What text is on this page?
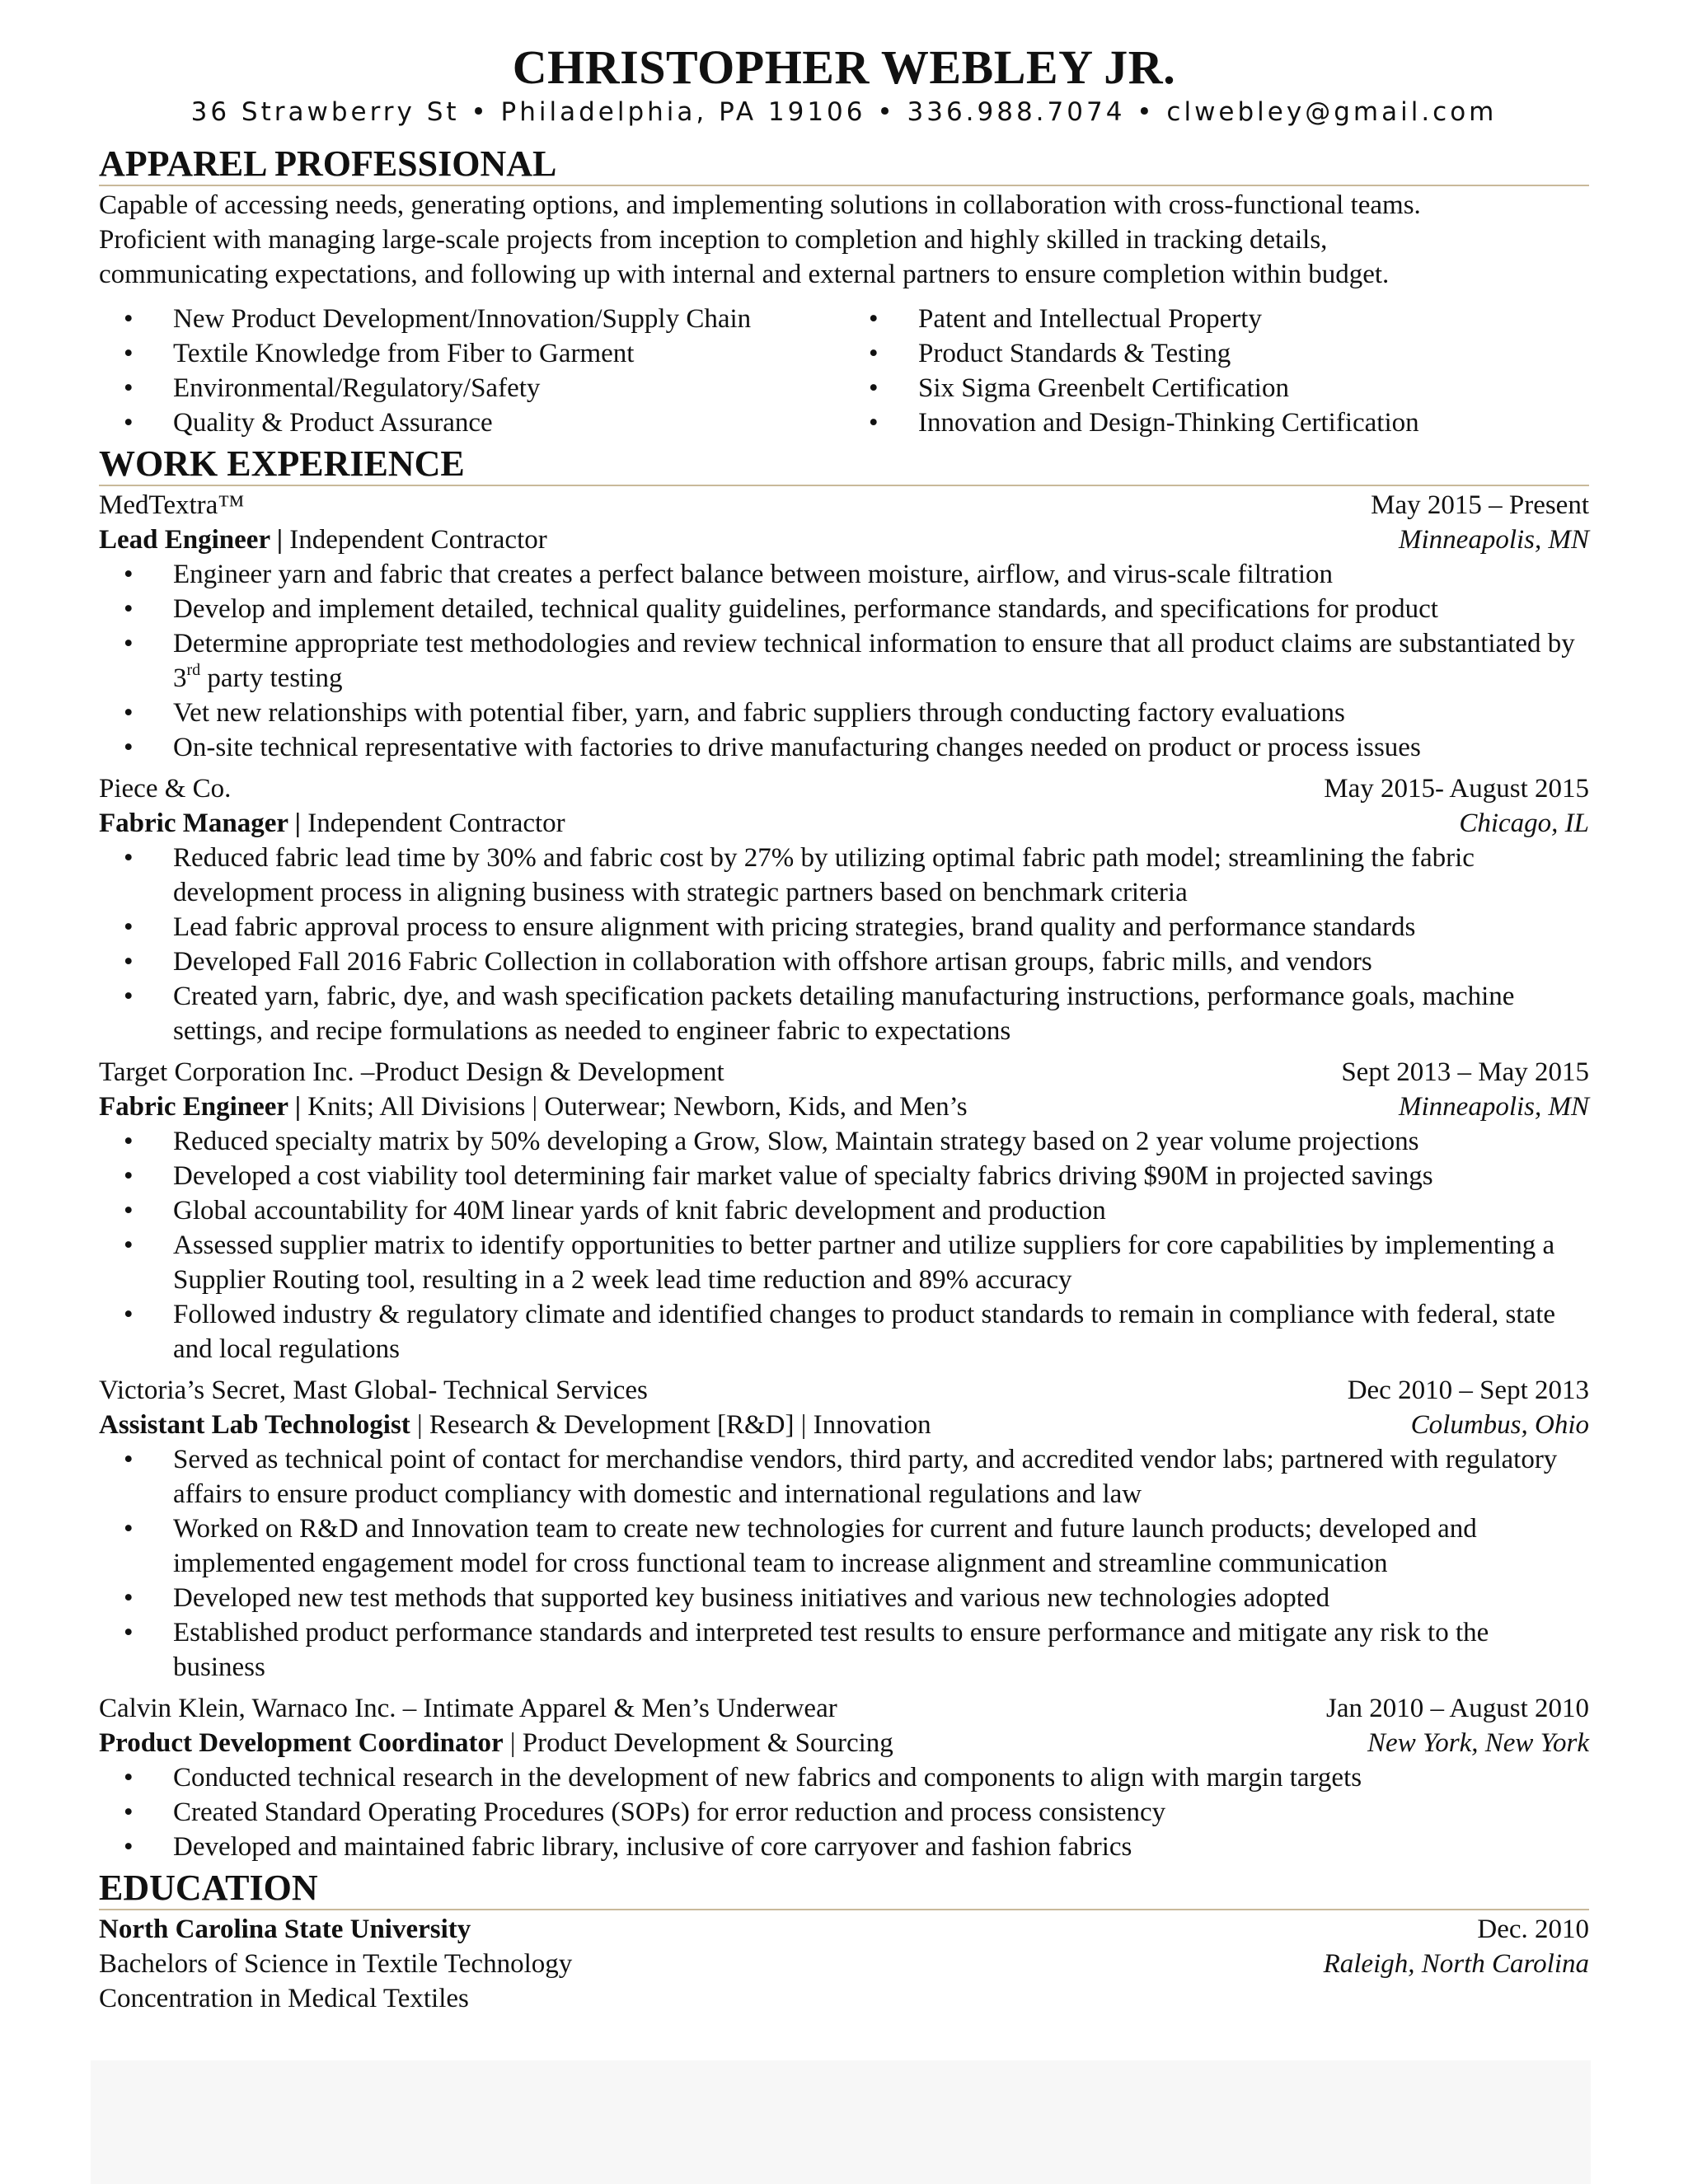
CHRISTOPHER WEBLEY JR.
36 Strawberry St • Philadelphia, PA 19106 • 336.988.7074 • clwebley@gmail.com
APPAREL PROFESSIONAL
Capable of accessing needs, generating options, and implementing solutions in collaboration with cross-functional teams.
Proficient with managing large-scale projects from inception to completion and highly skilled in tracking details,
communicating expectations, and following up with internal and external partners to ensure completion within budget.
• New Product Development/Innovation/Supply Chain
• Textile Knowledge from Fiber to Garment
• Environmental/Regulatory/Safety
• Quality & Product Assurance
• Patent and Intellectual Property
• Product Standards & Testing
• Six Sigma Greenbelt Certification
• Innovation and Design-Thinking Certification
WORK EXPERIENCE
MedTextra™	May 2015 – Present
Lead Engineer | Independent Contractor	Minneapolis, MN
• Engineer yarn and fabric that creates a perfect balance between moisture, airflow, and virus-scale filtration
• Develop and implement detailed, technical quality guidelines, performance standards, and specifications for product
• Determine appropriate test methodologies and review technical information to ensure that all product claims are substantiated by 3rd party testing
• Vet new relationships with potential fiber, yarn, and fabric suppliers through conducting factory evaluations
• On-site technical representative with factories to drive manufacturing changes needed on product or process issues
Piece & Co.	May 2015- August 2015
Fabric Manager | Independent Contractor	Chicago, IL
• Reduced fabric lead time by 30% and fabric cost by 27% by utilizing optimal fabric path model; streamlining the fabric development process in aligning business with strategic partners based on benchmark criteria
• Lead fabric approval process to ensure alignment with pricing strategies, brand quality and performance standards
• Developed Fall 2016 Fabric Collection in collaboration with offshore artisan groups, fabric mills, and vendors
• Created yarn, fabric, dye, and wash specification packets detailing manufacturing instructions, performance goals, machine settings, and recipe formulations as needed to engineer fabric to expectations
Target Corporation Inc. –Product Design & Development	Sept 2013 – May 2015
Fabric Engineer | Knits; All Divisions | Outerwear; Newborn, Kids, and Men’s	Minneapolis, MN
• Reduced specialty matrix by 50% developing a Grow, Slow, Maintain strategy based on 2 year volume projections
• Developed a cost viability tool determining fair market value of specialty fabrics driving $90M in projected savings
• Global accountability for 40M linear yards of knit fabric development and production
• Assessed supplier matrix to identify opportunities to better partner and utilize suppliers for core capabilities by implementing a Supplier Routing tool, resulting in a 2 week lead time reduction and 89% accuracy
• Followed industry & regulatory climate and identified changes to product standards to remain in compliance with federal, state and local regulations
Victoria’s Secret, Mast Global- Technical Services	Dec 2010 – Sept 2013
Assistant Lab Technologist | Research & Development [R&D] | Innovation	Columbus, Ohio
• Served as technical point of contact for merchandise vendors, third party, and accredited vendor labs; partnered with regulatory affairs to ensure product compliancy with domestic and international regulations and law
• Worked on R&D and Innovation team to create new technologies for current and future launch products; developed and implemented engagement model for cross functional team to increase alignment and streamline communication
• Developed new test methods that supported key business initiatives and various new technologies adopted
• Established product performance standards and interpreted test results to ensure performance and mitigate any risk to the business
Calvin Klein, Warnaco Inc. – Intimate Apparel & Men’s Underwear	Jan 2010 – August 2010
Product Development Coordinator | Product Development & Sourcing	New York, New York
• Conducted technical research in the development of new fabrics and components to align with margin targets
• Created Standard Operating Procedures (SOPs) for error reduction and process consistency
• Developed and maintained fabric library, inclusive of core carryover and fashion fabrics
EDUCATION
North Carolina State University	Dec. 2010
Bachelors of Science in Textile Technology	Raleigh, North Carolina
Concentration in Medical Textiles
